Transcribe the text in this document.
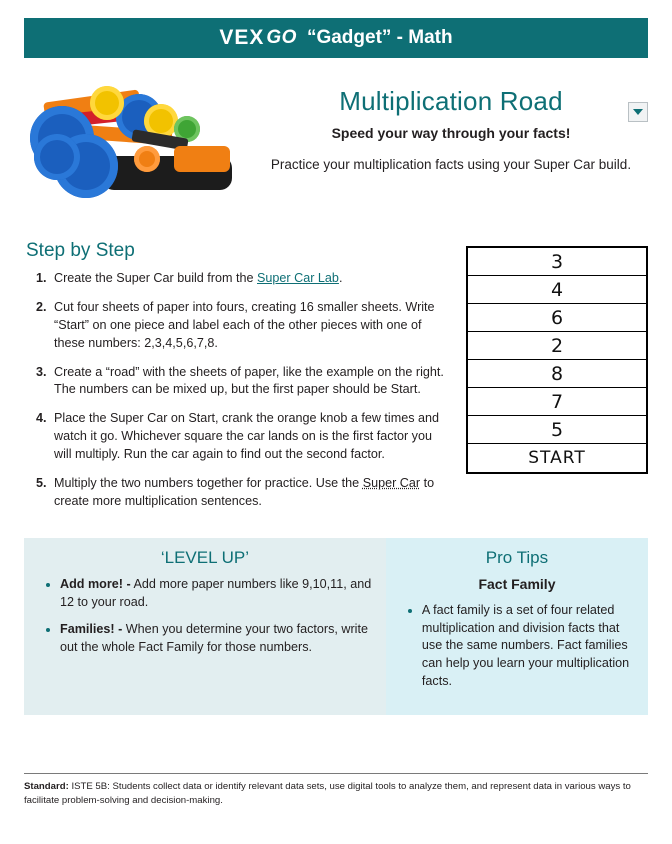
VEX GO “Gadget” - Math
Multiplication Road

Speed your way through your facts!

Practice your multiplication facts using your Super Car build.

Step by Step
1. Create the Super Car build from the Super Car Lab.
2. Cut four sheets of paper into fours, creating 16 smaller sheets. Write “Start” on one piece and label each of the other pieces with one of these numbers: 2,3,4,5,6,7,8.
3. Create a “road” with the sheets of paper, like the example on the right. The numbers can be mixed up, but the first paper should be Start.
4. Place the Super Car on Start, crank the orange knob a few times and watch it go. Whichever square the car lands on is the first factor you will multiply. Run the car again to find out the second factor.
5. Multiply the two numbers together for practice. Use the Super Car to create more multiplication sentences.
3
4
6
2
8
7
5
START
‘LEVEL UP’
• Add more! - Add more paper numbers like 9,10,11, and 12 to your road.
• Families! - When you determine your two factors, write out the whole Fact Family for those numbers.
Pro Tips

Fact Family

• A fact family is a set of four related multiplication and division facts that use the same numbers. Fact families can help you learn your multiplication facts.
Standard: ISTE 5B: Students collect data or identify relevant data sets, use digital tools to analyze them, and represent data in various ways to facilitate problem-solving and decision-making.
